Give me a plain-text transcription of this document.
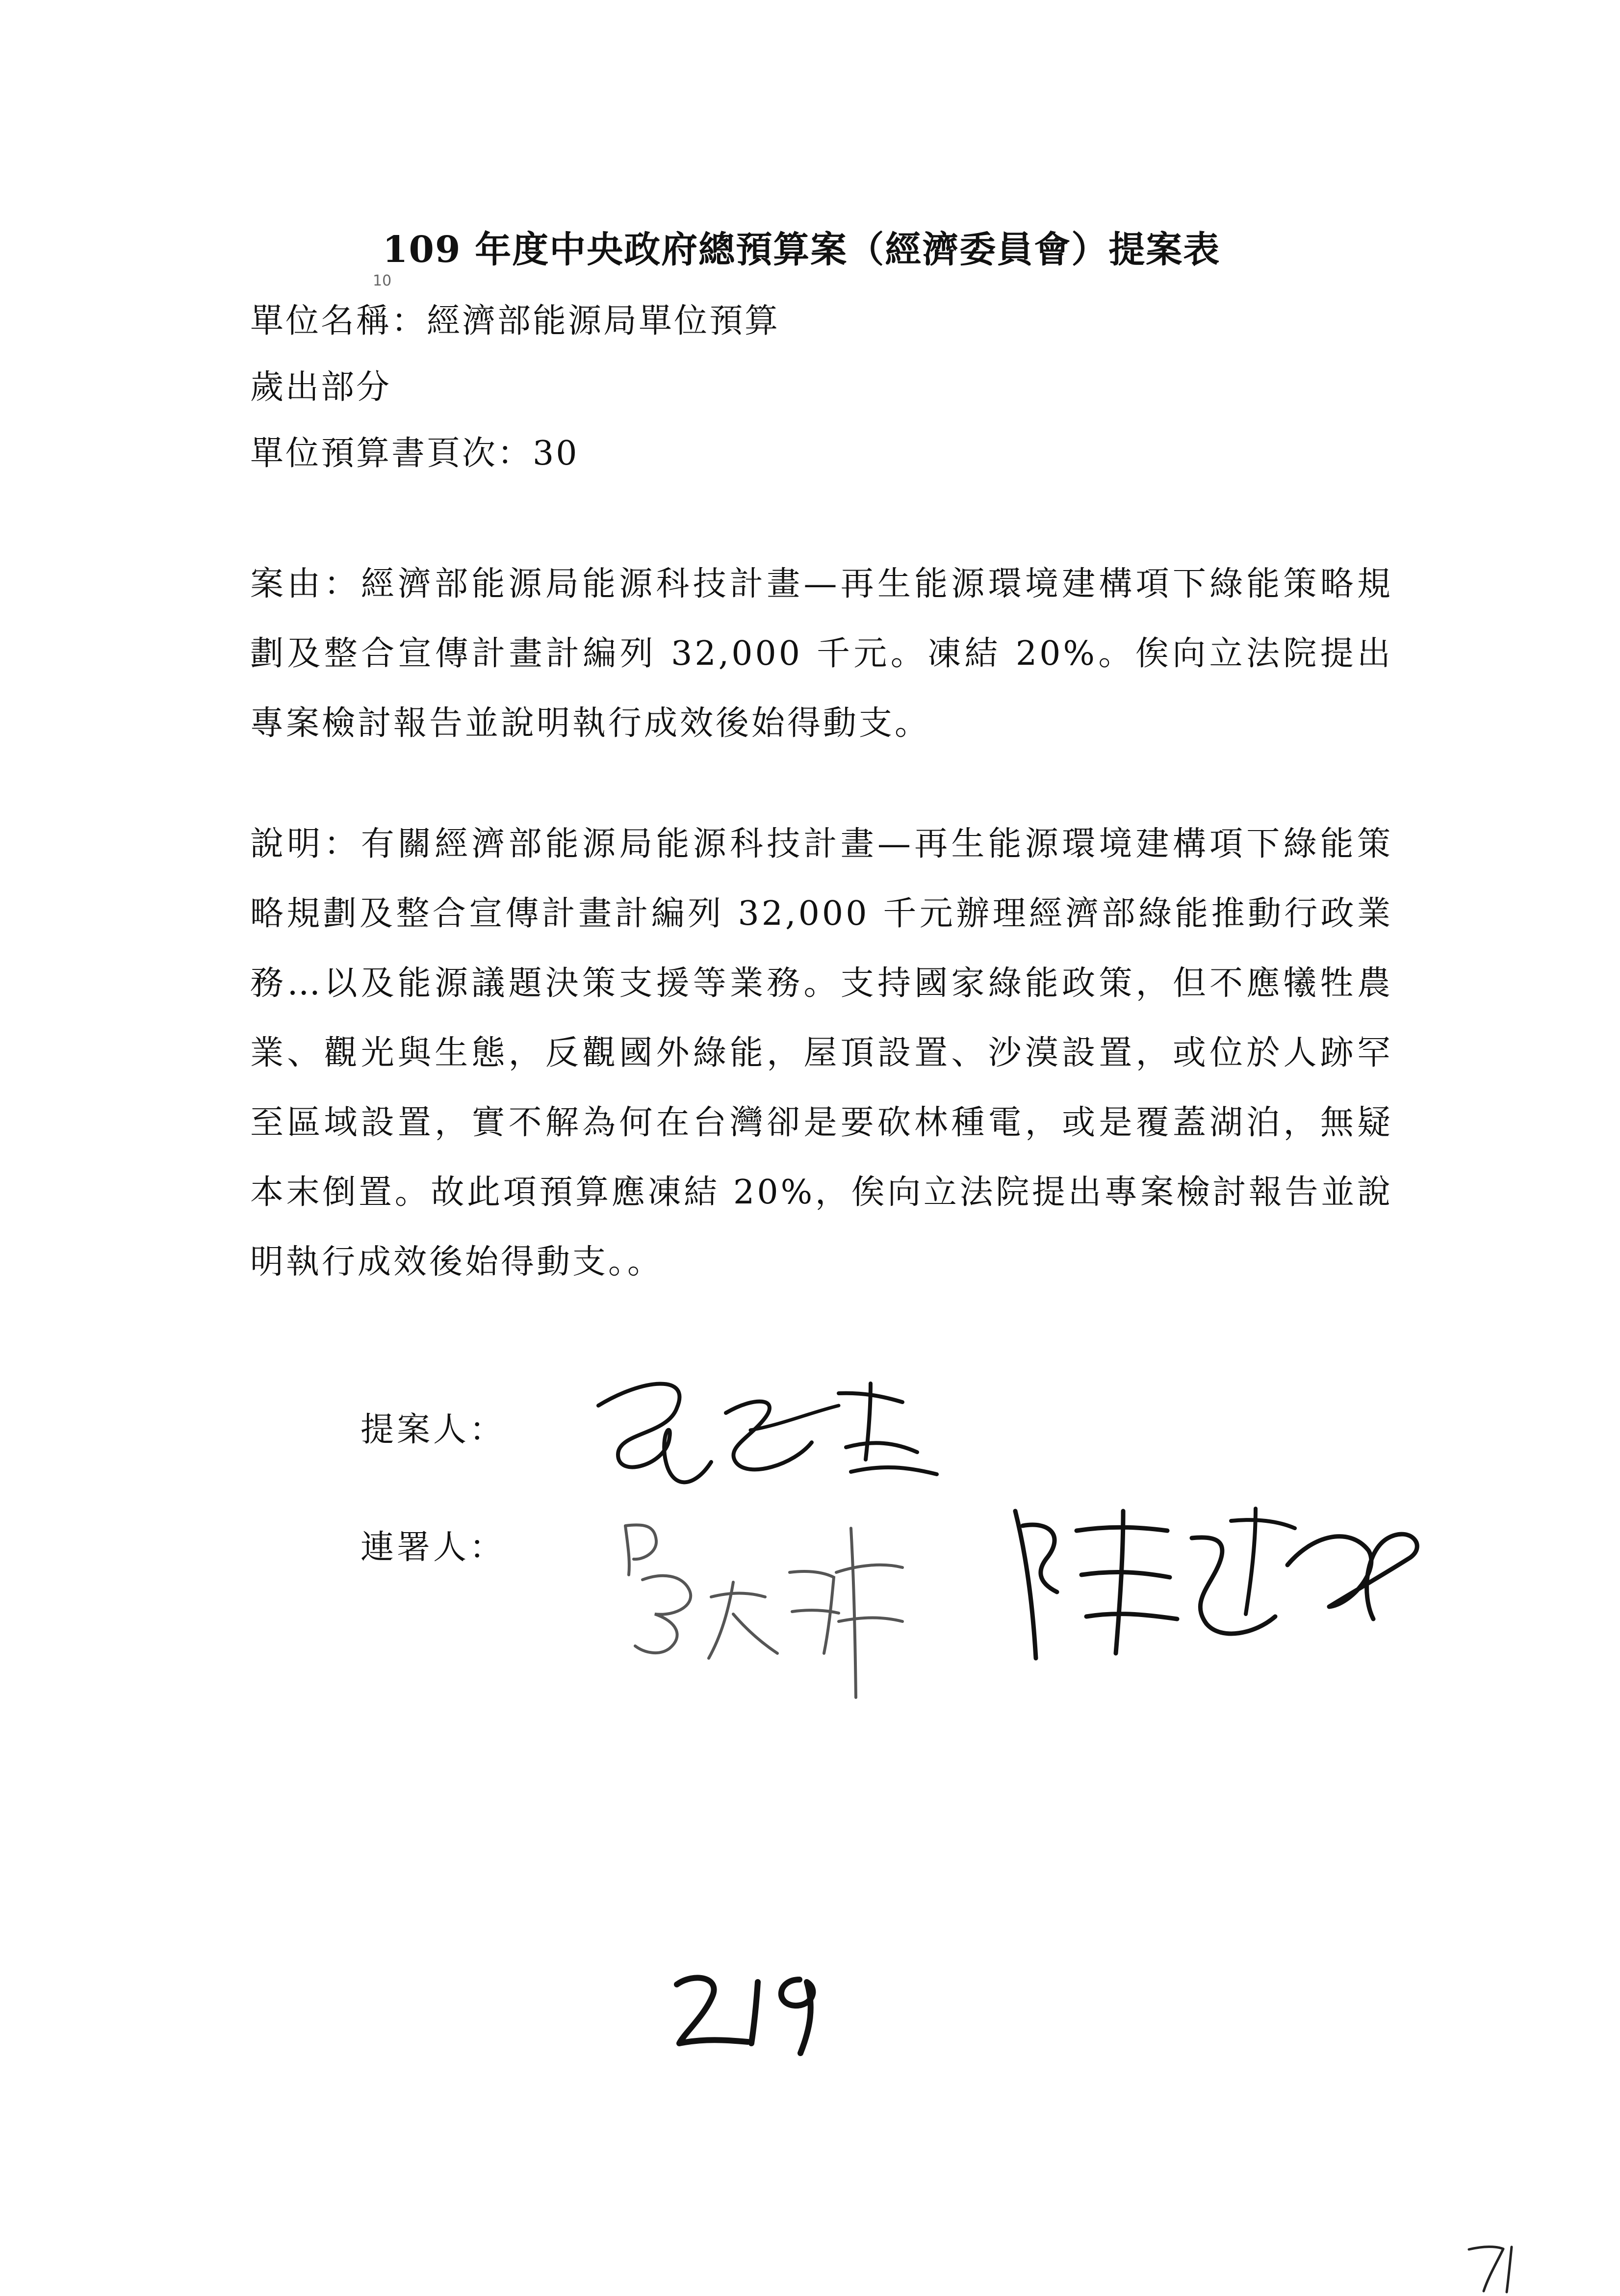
109 年度中央政府總預算案（經濟委員會）提案表
10
單位名稱：經濟部能源局單位預算
歲出部分
單位預算書頁次：30
案由：經濟部能源局能源科技計畫—再生能源環境建構項下綠能策略規劃及整合宣傳計畫計編列 32,000 千元。凍結 20%。俟向立法院提出專案檢討報告並說明執行成效後始得動支。
說明：有關經濟部能源局能源科技計畫—再生能源環境建構項下綠能策略規劃及整合宣傳計畫計編列 32,000 千元辦理經濟部綠能推動行政業務…以及能源議題決策支援等業務。支持國家綠能政策，但不應犧牲農業、觀光與生態，反觀國外綠能，屋頂設置、沙漠設置，或位於人跡罕至區域設置，實不解為何在台灣卻是要砍林種電，或是覆蓋湖泊，無疑本末倒置。故此項預算應凍結 20%，俟向立法院提出專案檢討報告並說明執行成效後始得動支。。
提案人：
連署人：
